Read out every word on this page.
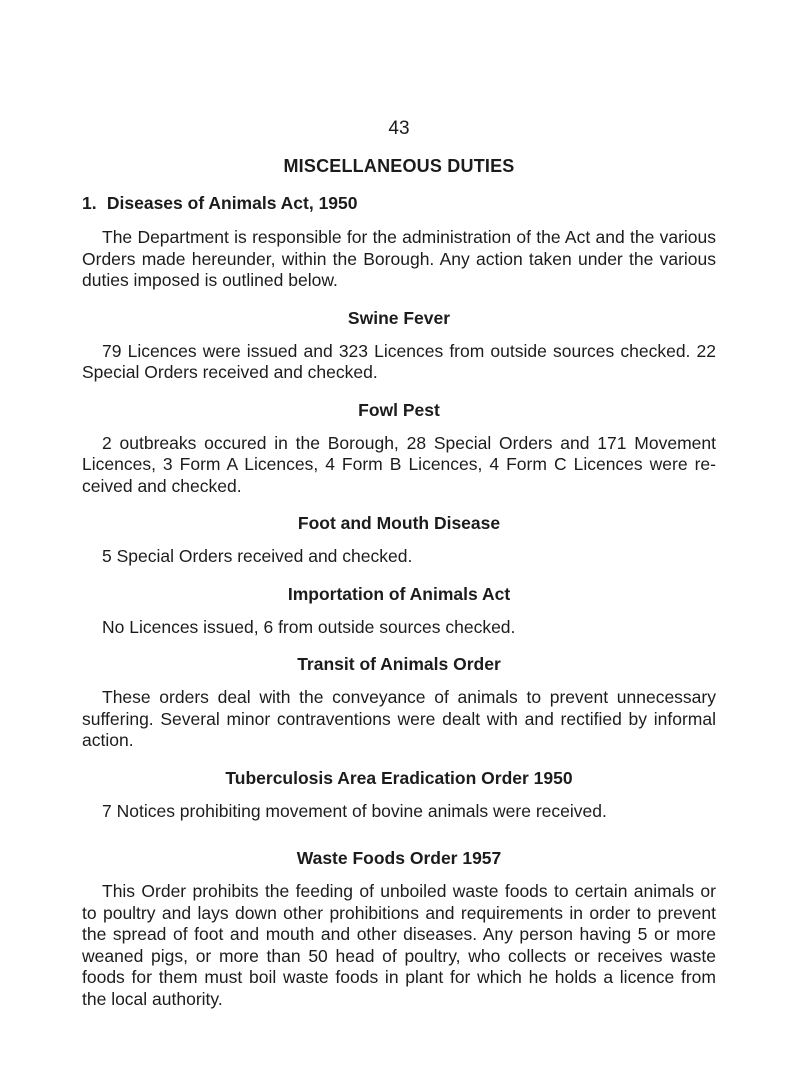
43
MISCELLANEOUS DUTIES
1. Diseases of Animals Act, 1950

The Department is responsible for the administration of the Act and the various Orders made hereunder, within the Borough. Any action taken under the various duties imposed is outlined below.

Swine Fever

79 Licences were issued and 323 Licences from outside sources checked. 22 Special Orders received and checked.

Fowl Pest

2 outbreaks occured in the Borough, 28 Special Orders and 171 Movement Licences, 3 Form A Licences, 4 Form B Licences, 4 Form C Licences were re- ceived and checked.

Foot and Mouth Disease

5 Special Orders received and checked.

Importation of Animals Act

No Licences issued, 6 from outside sources checked.

Transit of Animals Order

These orders deal with the conveyance of animals to prevent unnecessary suffering. Several minor contraventions were dealt with and rectified by informal action.

Tuberculosis Area Eradication Order 1950

7 Notices prohibiting movement of bovine animals were received.

Waste Foods Order 1957

This Order prohibits the feeding of unboiled waste foods to certain animals or to poultry and lays down other prohibitions and requirements in order to prevent the spread of foot and mouth and other diseases. Any person having 5 or more weaned pigs, or more than 50 head of poultry, who collects or receives waste foods for them must boil waste foods in plant for which he holds a licence from the local authority.
